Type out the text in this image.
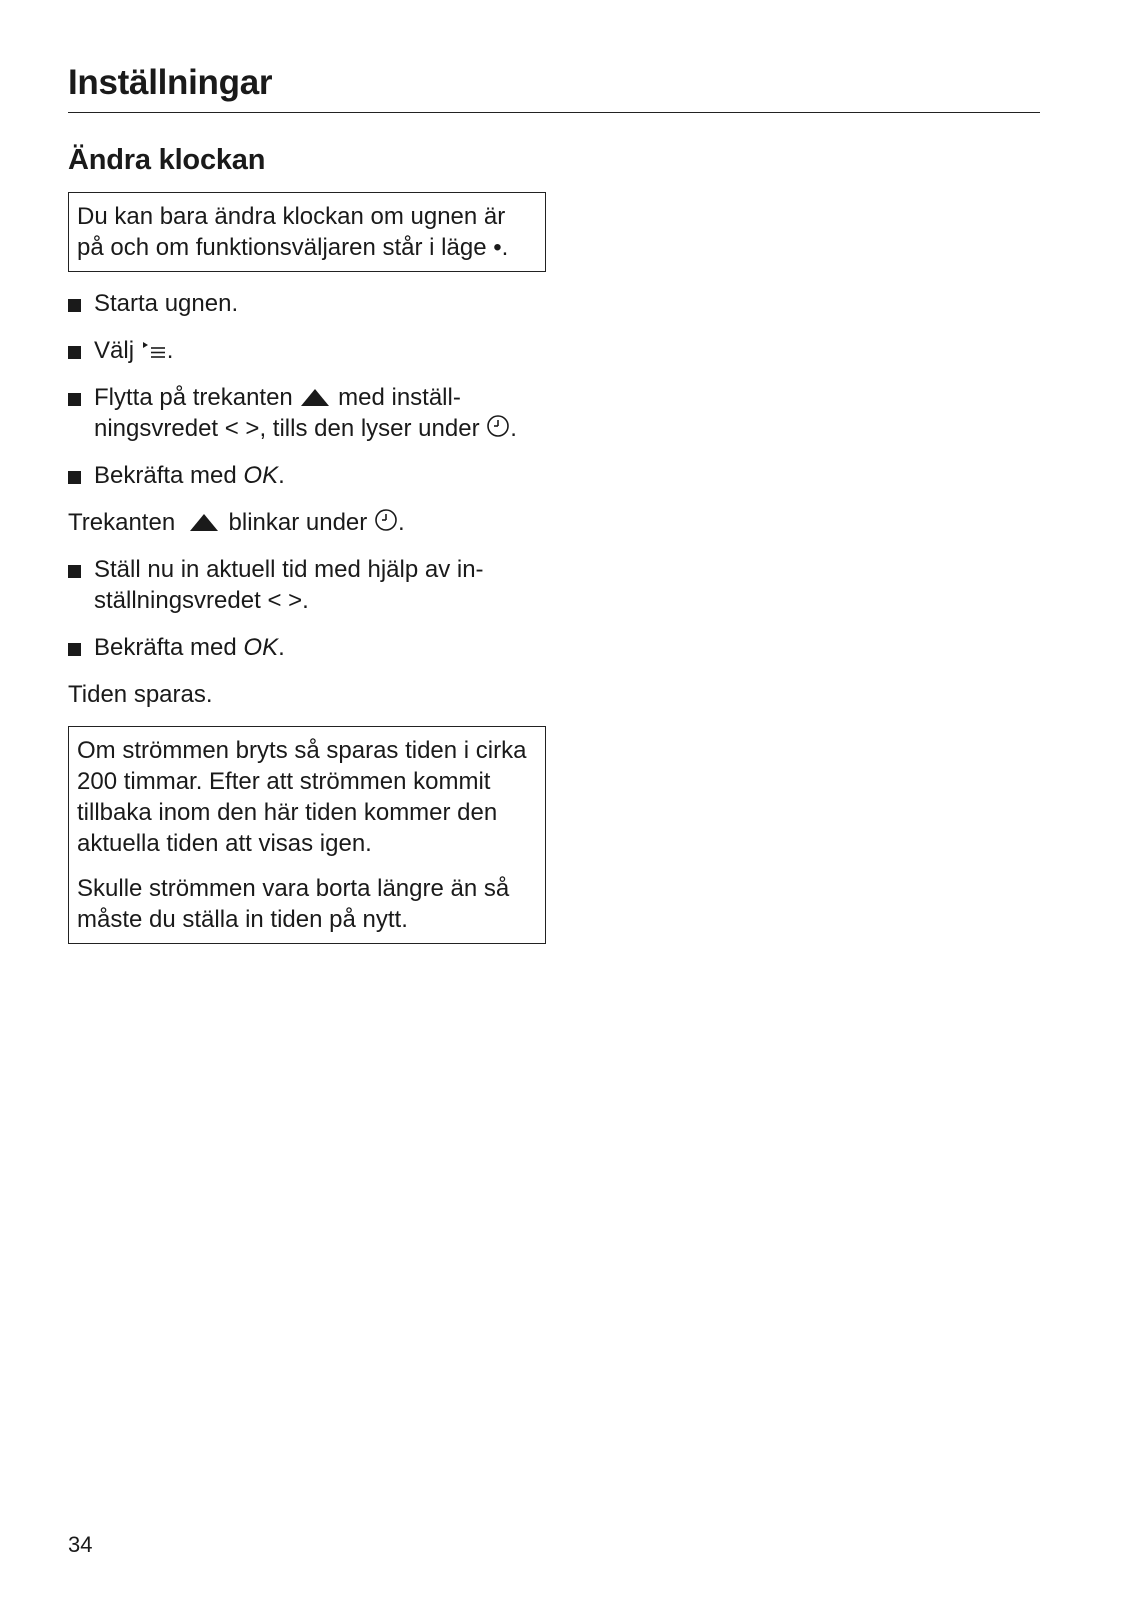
Inställningar
Ändra klockan

Du kan bara ändra klockan om ugnen är på och om funktionsväljaren står i läge •.

Starta ugnen.
Välj .
Flytta på trekanten med inställ-ningsvredet < >, tills den lyser under .
Bekräfta med OK.

Trekanten blinkar under .

Ställ nu in aktuell tid med hjälp av in-ställningsvredet < >.
Bekräfta med OK.

Tiden sparas.

Om strömmen bryts så sparas tiden i cirka 200 timmar. Efter att strömmen kommit tillbaka inom den här tiden kommer den aktuella tiden att visas igen.

Skulle strömmen vara borta längre än så måste du ställa in tiden på nytt.

34
